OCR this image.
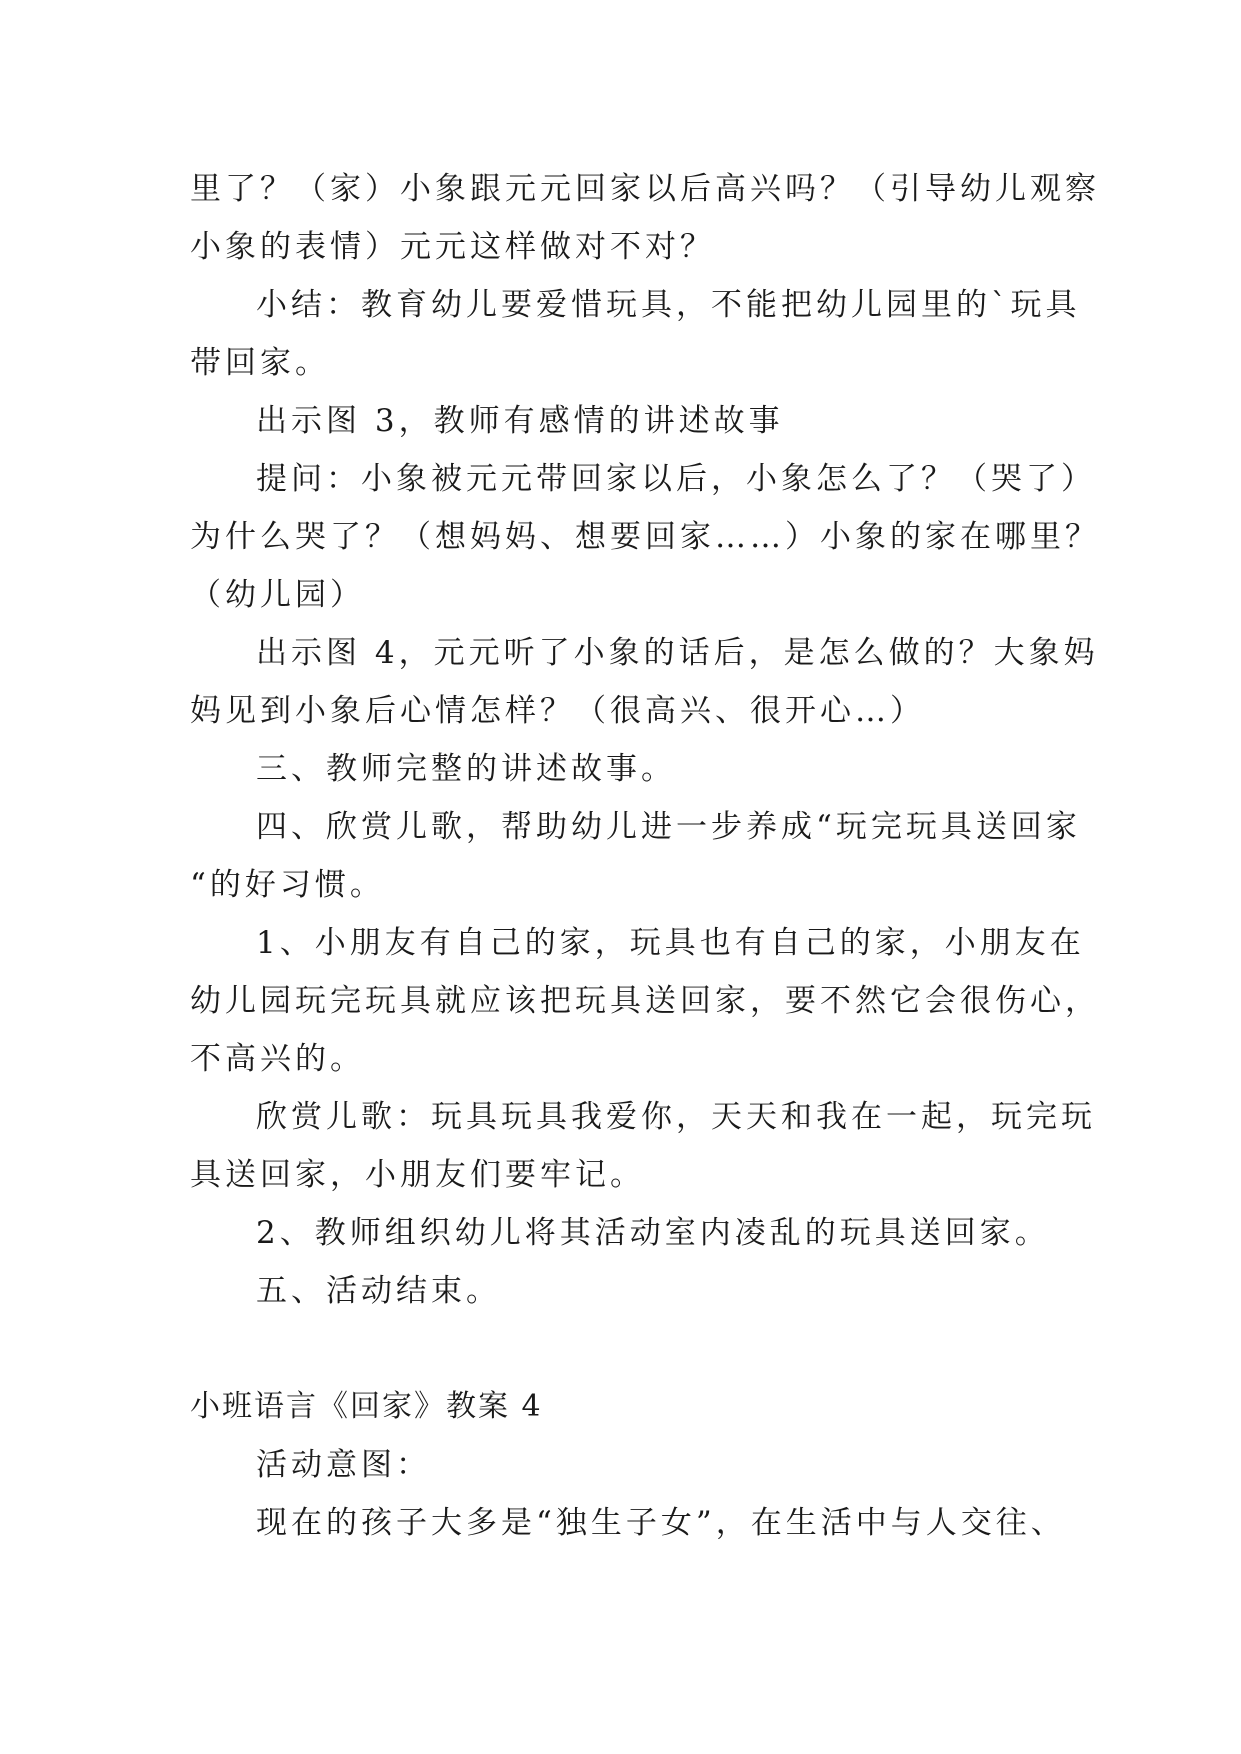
里了？（家）小象跟元元回家以后高兴吗？（引导幼儿观察
小象的表情）元元这样做对不对？
小结：教育幼儿要爱惜玩具，不能把幼儿园里的`玩具
带回家。
出示图 3，教师有感情的讲述故事
提问：小象被元元带回家以后，小象怎么了？（哭了）
为什么哭了？（想妈妈、想要回家……）小象的家在哪里？
（幼儿园）
出示图 4，元元听了小象的话后，是怎么做的？大象妈
妈见到小象后心情怎样？（很高兴、很开心…）
三、教师完整的讲述故事。
四、欣赏儿歌，帮助幼儿进一步养成“玩完玩具送回家
“的好习惯。
1、小朋友有自己的家，玩具也有自己的家，小朋友在
幼儿园玩完玩具就应该把玩具送回家，要不然它会很伤心，
不高兴的。
欣赏儿歌：玩具玩具我爱你，天天和我在一起，玩完玩
具送回家，小朋友们要牢记。
2、教师组织幼儿将其活动室内凌乱的玩具送回家。
五、活动结束。
小班语言《回家》教案 4
活动意图：
现在的孩子大多是“独生子女”，在生活中与人交往、
